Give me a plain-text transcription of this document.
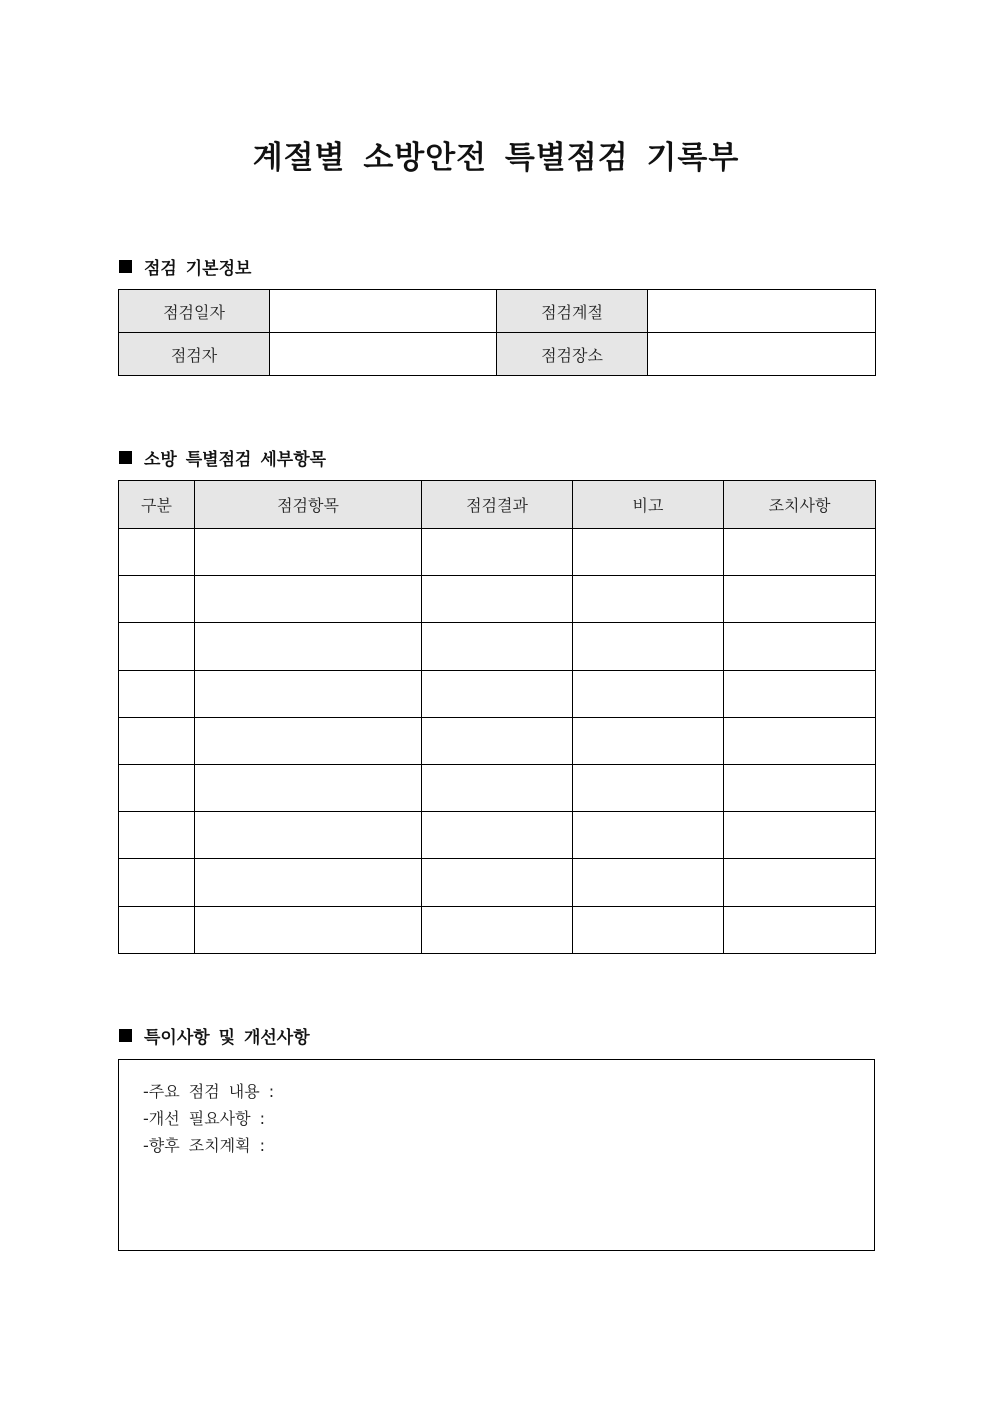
계절별 소방안전 특별점검 기록부
점검 기본정보
점검일자		점검계절	
점검자		점검장소	
소방 특별점검 세부항목
구분	점검항목	점검결과	비고	조치사항

특이사항 및 개선사항
-주요 점검 내용 :
-개선 필요사항 :
-향후 조치계획 :
